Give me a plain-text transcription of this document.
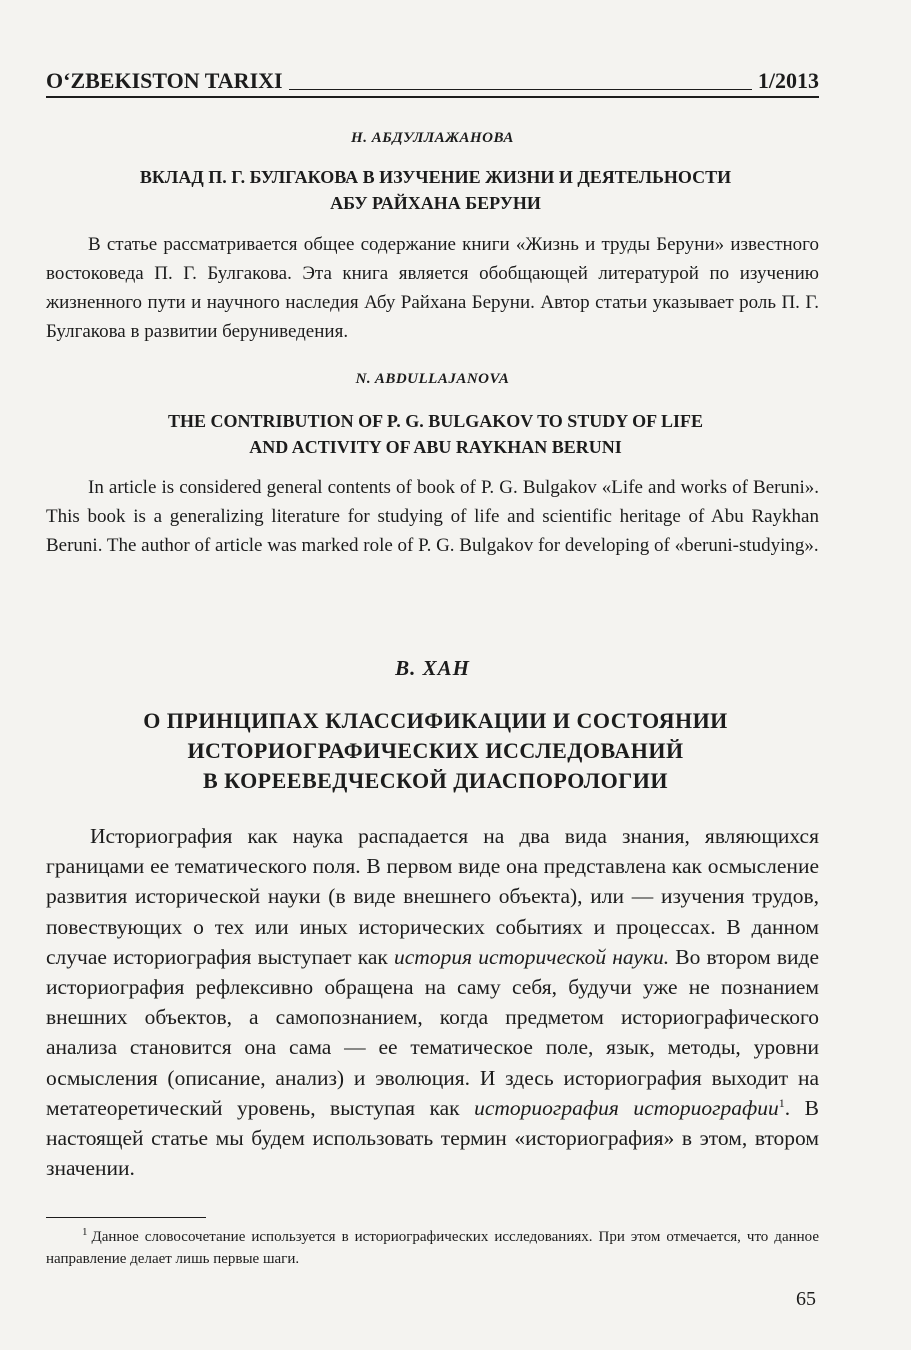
O‘ZBEKISTON TARIXI	1/2013
Н. АБДУЛЛАЖАНОВА
ВКЛАД П. Г. БУЛГАКОВА В ИЗУЧЕНИЕ ЖИЗНИ И ДЕЯТЕЛЬНОСТИ
АБУ РАЙХАНА БЕРУНИ
В статье рассматривается общее содержание книги «Жизнь и труды Беруни» известного востоковеда П. Г. Булгакова. Эта книга является обобщающей литературой по изучению жизненного пути и научного наследия Абу Райхана Беруни. Автор статьи указывает роль П. Г. Булгакова в развитии беруниведения.
N. ABDULLAJANOVA
THE CONTRIBUTION OF P. G. BULGAKOV TO STUDY OF LIFE
AND ACTIVITY OF ABU RAYKHAN BERUNI
In article is considered general contents of book of P. G. Bulgakov «Life and works of Beruni». This book is a generalizing literature for studying of life and scientific heritage of Abu Raykhan Beruni. The author of article was marked role of P. G. Bulgakov for developing of «beruni-studying».
В. ХАН
О ПРИНЦИПАХ КЛАССИФИКАЦИИ И СОСТОЯНИИ
ИСТОРИОГРАФИЧЕСКИХ ИССЛЕДОВАНИЙ
В КОРЕЕВЕДЧЕСКОЙ ДИАСПОРОЛОГИИ
Историография как наука распадается на два вида знания, являющихся границами ее тематического поля. В первом виде она представлена как осмысление развития исторической науки (в виде внешнего объекта), или — изучения трудов, повествующих о тех или иных исторических событиях и процессах. В данном случае историография выступает как история исторической науки. Во втором виде историография рефлексивно обращена на саму себя, будучи уже не познанием внешних объектов, а самопознанием, когда предметом историографического анализа становится она сама — ее тематическое поле, язык, методы, уровни осмысления (описание, анализ) и эволюция. И здесь историография выходит на метатеоретический уровень, выступая как историография историографии$^1$. В настоящей статье мы будем использовать термин «историография» в этом, втором значении.
$^1$ Данное словосочетание используется в историографических исследованиях. При этом отмечается, что данное направление делает лишь первые шаги.
65
